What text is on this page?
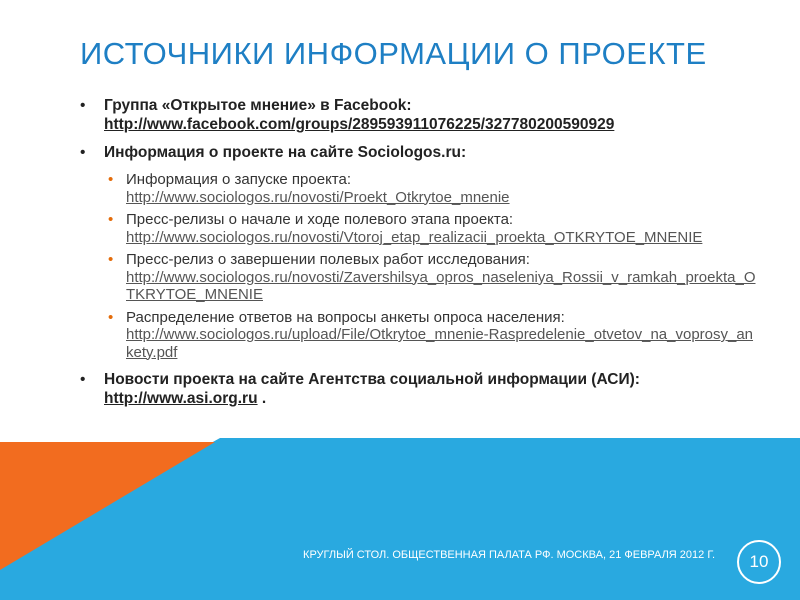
ИСТОЧНИКИ ИНФОРМАЦИИ О ПРОЕКТЕ
• Группа «Открытое мнение» в Facebook:
http://www.facebook.com/groups/289593911076225/327780200590929
• Информация о проекте на сайте Sociologos.ru:
• Информация о запуске проекта:
http://www.sociologos.ru/novosti/Proekt_Otkrytoe_mnenie
• Пресс-релизы о начале и ходе полевого этапа проекта:
http://www.sociologos.ru/novosti/Vtoroj_etap_realizacii_proekta_OTKRYTOE_MNENIE
• Пресс-релиз о завершении полевых работ исследования:
http://www.sociologos.ru/novosti/Zavershilsya_opros_naseleniya_Rossii_v_ramkah_proekta_OTKRYTOE_MNENIE
• Распределение ответов на вопросы анкеты опроса населения:
http://www.sociologos.ru/upload/File/Otkrytoe_mnenie-Raspredelenie_otvetov_na_voprosy_ankety.pdf
• Новости проекта на сайте Агентства социальной информации (АСИ):
http://www.asi.org.ru .
КРУГЛЫЙ СТОЛ. ОБЩЕСТВЕННАЯ ПАЛАТА РФ. МОСКВА, 21 ФЕВРАЛЯ 2012 Г. 10
